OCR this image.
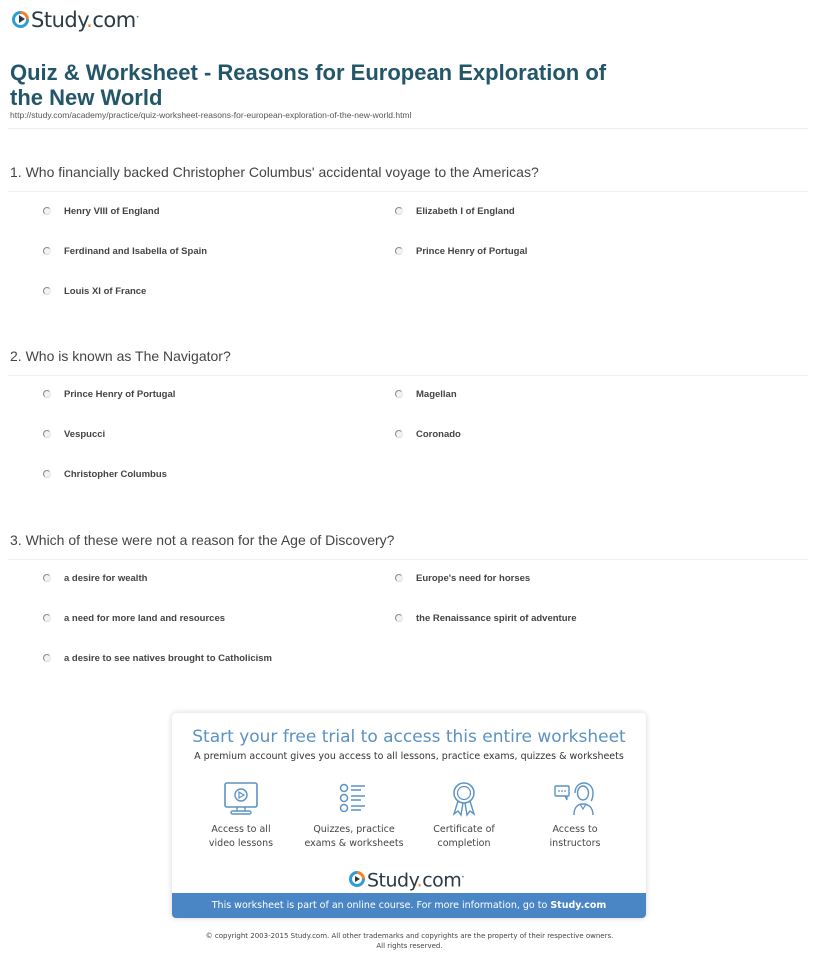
Study.com•
Quiz & Worksheet - Reasons for European Exploration of the New World
http://study.com/academy/practice/quiz-worksheet-reasons-for-european-exploration-of-the-new-world.html
1. Who financially backed Christopher Columbus' accidental voyage to the Americas?
Henry VIII of England	Elizabeth I of England
Ferdinand and Isabella of Spain	Prince Henry of Portugal
Louis XI of France
2. Who is known as The Navigator?
Prince Henry of Portugal	Magellan
Vespucci	Coronado
Christopher Columbus
3. Which of these were not a reason for the Age of Discovery?
a desire for wealth	Europe's need for horses
a need for more land and resources	the Renaissance spirit of adventure
a desire to see natives brought to Catholicism
Start your free trial to access this entire worksheet
A premium account gives you access to all lessons, practice exams, quizzes & worksheets
Access to all
video lessons
Quizzes, practice
exams & worksheets
Certificate of
completion
Access to
instructors
Study.com•
This worksheet is part of an online course. For more information, go to Study.com
© copyright 2003-2015 Study.com. All other trademarks and copyrights are the property of their respective owners.
All rights reserved.
